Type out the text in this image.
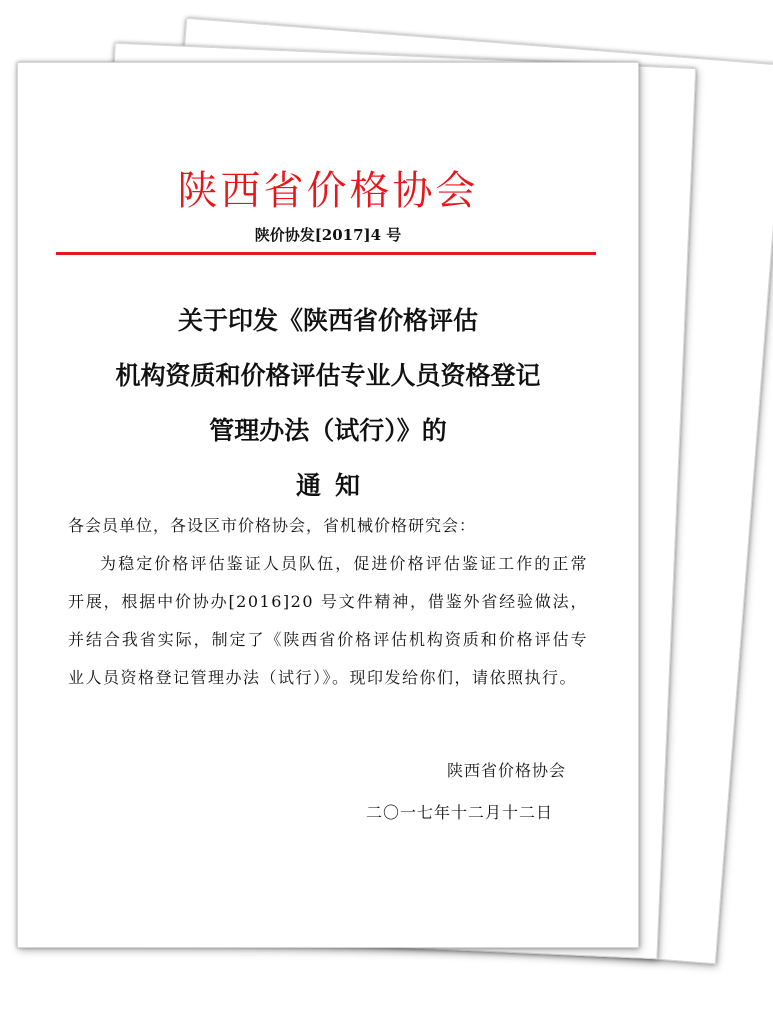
陕西省价格协会
陕价协发[2017]4 号
关于印发《陕西省价格评估
机构资质和价格评估专业人员资格登记
管理办法（试行）》的
通知
各会员单位，各设区市价格协会，省机械价格研究会：
为稳定价格评估鉴证人员队伍，促进价格评估鉴证工作的正常开展，根据中价协办[2016]20 号文件精神，借鉴外省经验做法，并结合我省实际，制定了《陕西省价格评估机构资质和价格评估专业人员资格登记管理办法（试行）》。现印发给你们，请依照执行。
陕西省价格协会
二〇一七年十二月十二日
